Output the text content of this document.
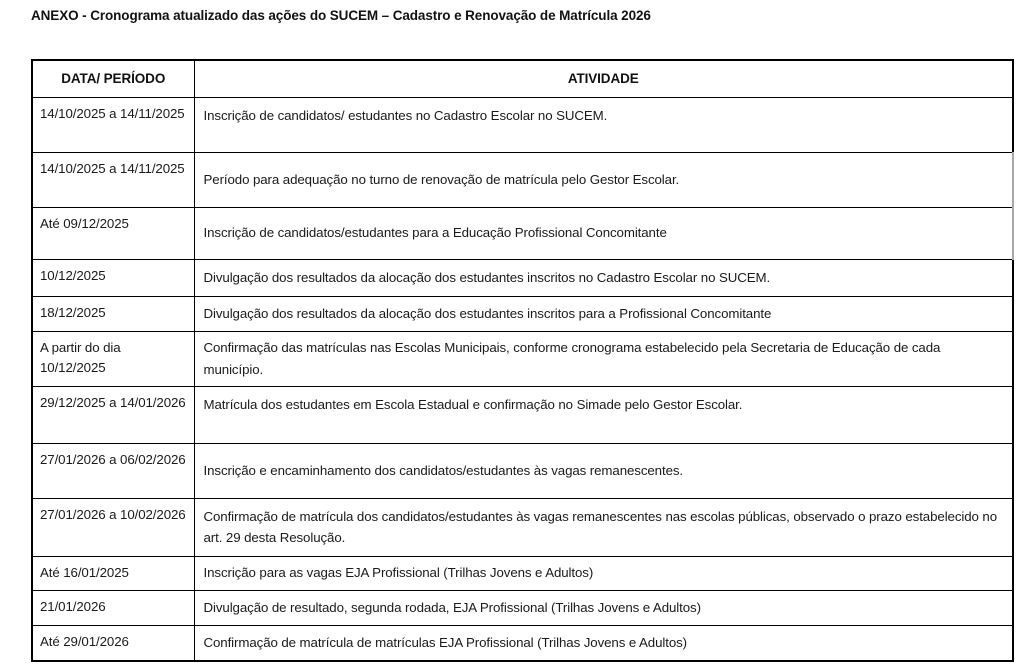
ANEXO - Cronograma atualizado das ações do SUCEM – Cadastro e Renovação de Matrícula 2026
DATA/ PERÍODO	ATIVIDADE
14/10/2025 a 14/11/2025	Inscrição de candidatos/ estudantes no Cadastro Escolar no SUCEM.
14/10/2025 a 14/11/2025	Período para adequação no turno de renovação de matrícula pelo Gestor Escolar.
Até 09/12/2025	Inscrição de candidatos/estudantes para a Educação Profissional Concomitante
10/12/2025	Divulgação dos resultados da alocação dos estudantes inscritos no Cadastro Escolar no SUCEM.
18/12/2025	Divulgação dos resultados da alocação dos estudantes inscritos para a Profissional Concomitante
A partir do dia 10/12/2025	Confirmação das matrículas nas Escolas Municipais, conforme cronograma estabelecido pela Secretaria de Educação de cada município.
29/12/2025 a 14/01/2026	Matrícula dos estudantes em Escola Estadual e confirmação no Simade pelo Gestor Escolar.
27/01/2026 a 06/02/2026	Inscrição e encaminhamento dos candidatos/estudantes às vagas remanescentes.
27/01/2026 a 10/02/2026	Confirmação de matrícula dos candidatos/estudantes às vagas remanescentes nas escolas públicas, observado o prazo estabelecido no art. 29 desta Resolução.
Até 16/01/2025	Inscrição para as vagas EJA Profissional (Trilhas Jovens e Adultos)
21/01/2026	Divulgação de resultado, segunda rodada, EJA Profissional (Trilhas Jovens e Adultos)
Até 29/01/2026	Confirmação de matrícula de matrículas EJA Profissional (Trilhas Jovens e Adultos)
